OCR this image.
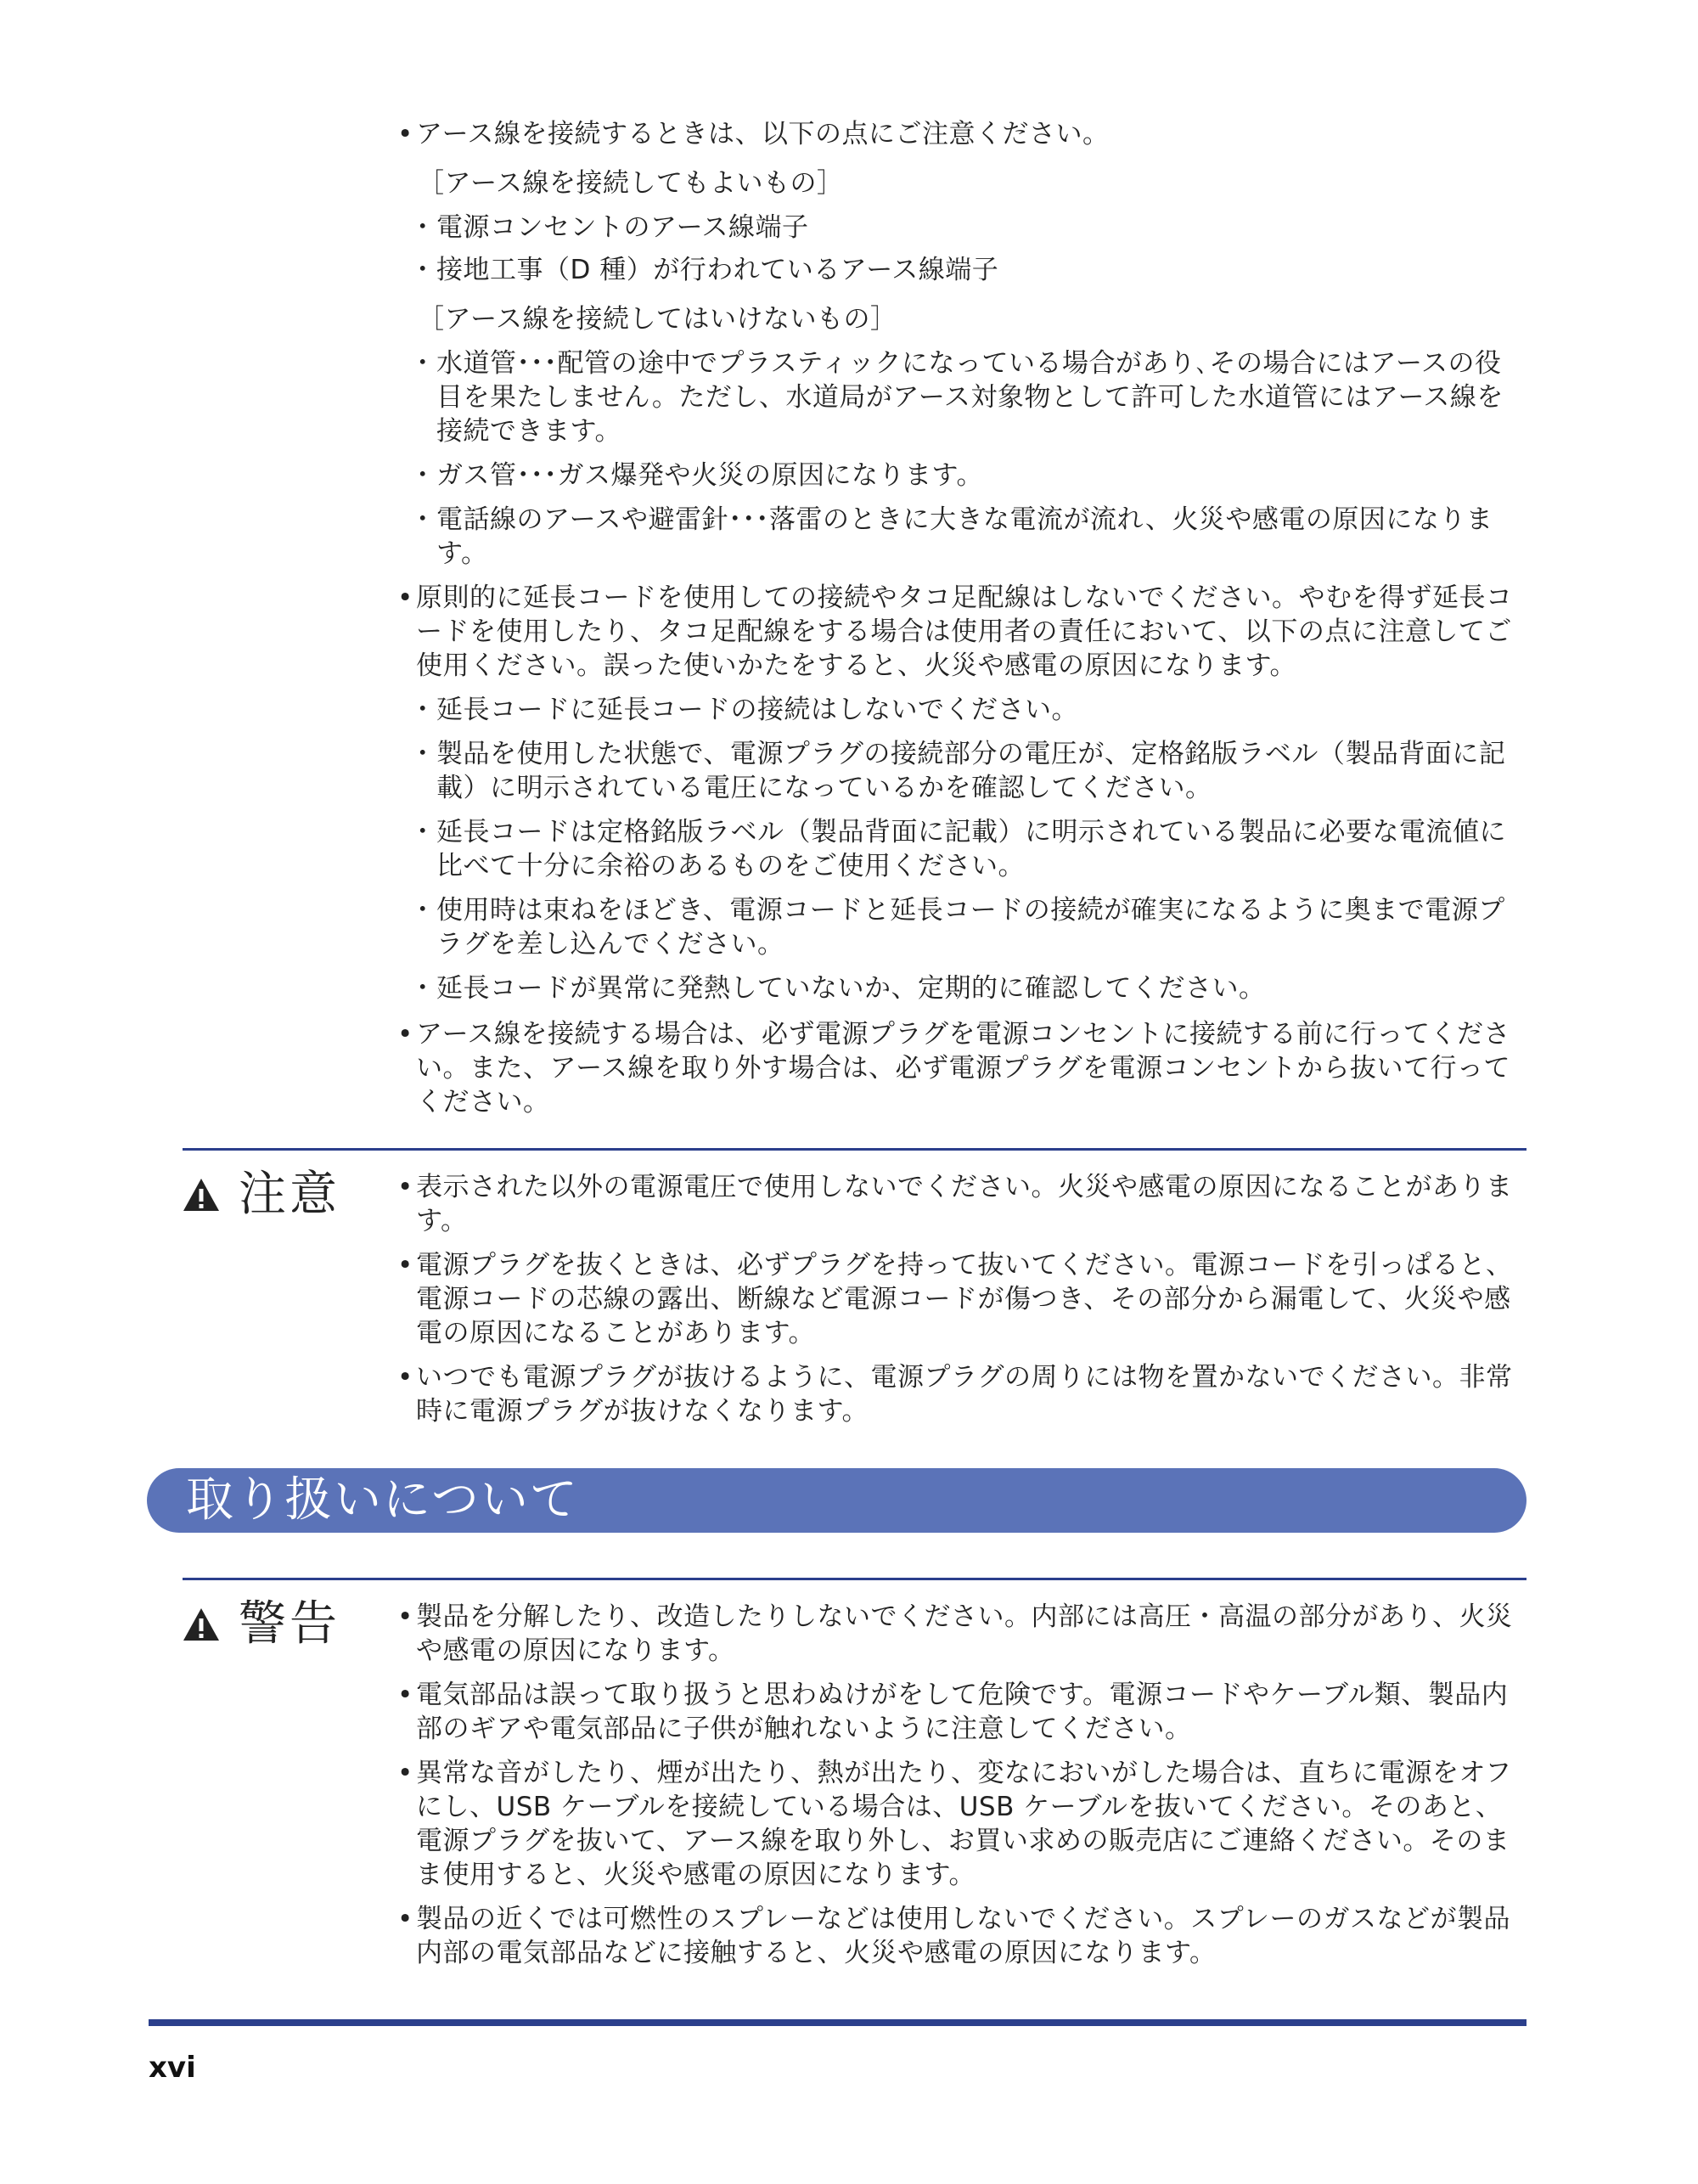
• アース線を接続するときは、以下の点にご注意ください。
［アース線を接続してもよいもの］
･ 電源コンセントのアース線端子
･ 接地工事（D 種）が行われているアース線端子
［アース線を接続してはいけないもの］
･ 水道管･･･配管の途中でプラスティックになっている場合があり､その場合にはアースの役目を果たしません。ただし、水道局がアース対象物として許可した水道管にはアース線を接続できます。
･ ガス管･･･ガス爆発や火災の原因になります。
･ 電話線のアースや避雷針･･･落雷のときに大きな電流が流れ、火災や感電の原因になります。
• 原則的に延長コードを使用しての接続やタコ足配線はしないでください。やむを得ず延長コードを使用したり、タコ足配線をする場合は使用者の責任において、以下の点に注意してご使用ください。誤った使いかたをすると、火災や感電の原因になります。
･ 延長コードに延長コードの接続はしないでください。
･ 製品を使用した状態で、電源プラグの接続部分の電圧が、定格銘版ラベル（製品背面に記載）に明示されている電圧になっているかを確認してください。
･ 延長コードは定格銘版ラベル（製品背面に記載）に明示されている製品に必要な電流値に比べて十分に余裕のあるものをご使用ください。
･ 使用時は束ねをほどき、電源コードと延長コードの接続が確実になるように奥まで電源プラグを差し込んでください。
･ 延長コードが異常に発熱していないか、定期的に確認してください。
• アース線を接続する場合は、必ず電源プラグを電源コンセントに接続する前に行ってください。また、アース線を取り外す場合は、必ず電源プラグを電源コンセントから抜いて行ってください。
注意 • 表示された以外の電源電圧で使用しないでください。火災や感電の原因になることがあります。
• 電源プラグを抜くときは、必ずプラグを持って抜いてください。電源コードを引っぱると、電源コードの芯線の露出、断線など電源コードが傷つき、その部分から漏電して、火災や感電の原因になることがあります。
• いつでも電源プラグが抜けるように、電源プラグの周りには物を置かないでください。非常時に電源プラグが抜けなくなります。
取り扱いについて
警告 • 製品を分解したり、改造したりしないでください。内部には高圧・高温の部分があり、火災や感電の原因になります。
• 電気部品は誤って取り扱うと思わぬけがをして危険です。電源コードやケーブル類、製品内部のギアや電気部品に子供が触れないように注意してください。
• 異常な音がしたり、煙が出たり、熱が出たり、変なにおいがした場合は、直ちに電源をオフにし、USB ケーブルを接続している場合は、USB ケーブルを抜いてください。そのあと、電源プラグを抜いて、アース線を取り外し、お買い求めの販売店にご連絡ください。そのまま使用すると、火災や感電の原因になります。
• 製品の近くでは可燃性のスプレーなどは使用しないでください。スプレーのガスなどが製品内部の電気部品などに接触すると、火災や感電の原因になります。
xvi
